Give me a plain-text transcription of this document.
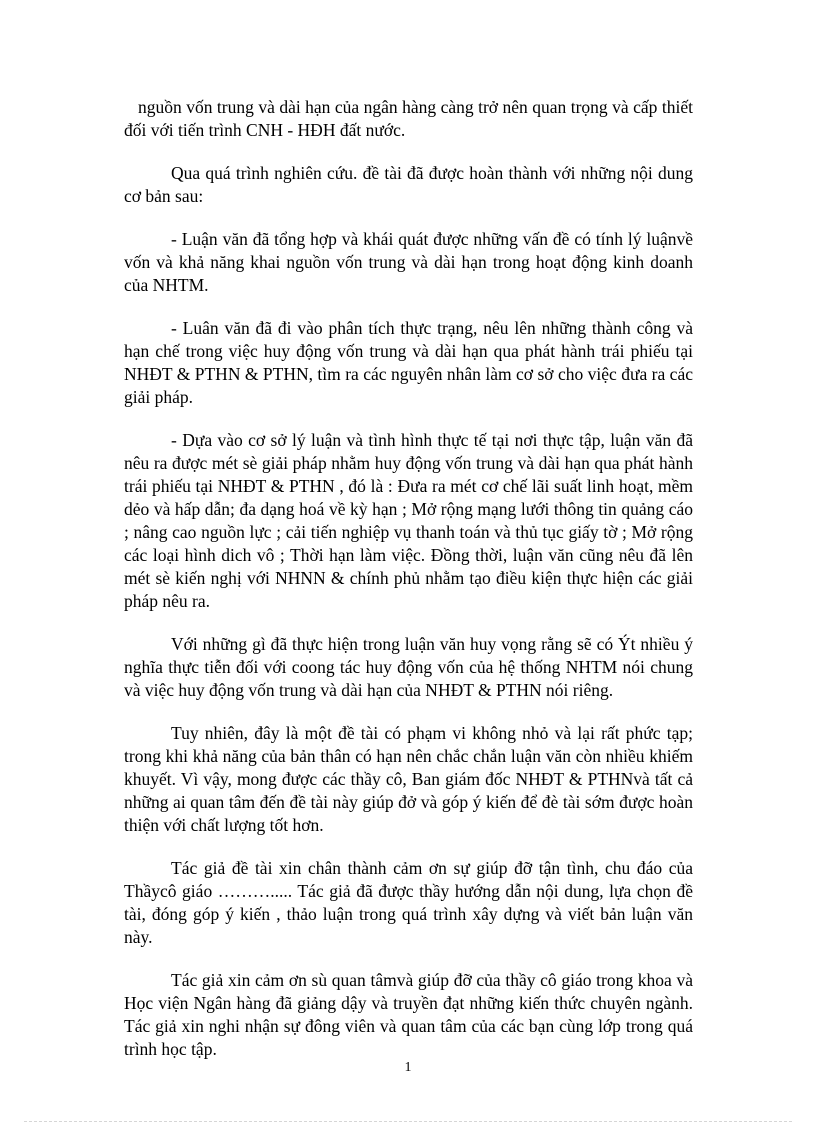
nguồn vốn trung và dài hạn của ngân hàng càng trở nên quan trọng và cấp thiết đối với tiến trình CNH - HĐH đất nước.

Qua quá trình nghiên cứu. đề tài đã được hoàn thành với những nội dung cơ bản sau:

- Luận văn đã tổng hợp và khái quát được những vấn đề có tính lý luậnvề vốn và khả năng khai nguồn vốn trung và dài hạn trong hoạt động kinh doanh của NHTM.

- Luân văn đã đi vào phân tích thực trạng, nêu lên những thành công và hạn chế trong việc huy động vốn trung và dài hạn qua phát hành trái phiếu tại NHĐT & PTHN & PTHN, tìm ra các nguyên nhân làm cơ sở cho việc đưa ra các giải pháp.

- Dựa vào cơ sở lý luận và tình hình thực tế tại nơi thực tập, luận văn đã nêu ra được mét sè giải pháp nhằm huy động vốn trung và dài hạn qua phát hành trái phiếu tại NHĐT & PTHN , đó là : Đưa ra mét cơ chế lãi suất linh hoạt, mềm dẻo và hấp dẫn; đa dạng hoá về kỳ hạn ; Mở rộng mạng lưới thông tin quảng cáo ; nâng cao nguồn lực ; cải tiến nghiệp vụ thanh toán và thủ tục giấy tờ ; Mở rộng các loại hình dich vô ; Thời hạn làm việc. Đồng thời, luận văn cũng nêu đã lên mét sè kiến nghị với NHNN & chính phủ nhằm tạo điều kiện thực hiện các giải pháp nêu ra.

Với những gì đã thực hiện trong luận văn huy vọng rằng sẽ có Ýt nhiều ý nghĩa thực tiễn đối với coong tác huy động vốn của hệ thống NHTM nói chung và việc huy động vốn trung và dài hạn của NHĐT & PTHN nói riêng.

Tuy nhiên, đây là một đề tài có phạm vi không nhỏ và lại rất phức tạp; trong khi khả năng của bản thân có hạn nên chắc chắn luận văn còn nhiều khiếm khuyết. Vì vậy, mong được các thầy cô, Ban giám đốc NHĐT & PTHNvà tất cả những ai quan tâm đến đề tài này giúp đở và góp ý kiến để đè tài sớm được hoàn thiện với chất lượng tốt hơn.

Tác giả đề tài xin chân thành cảm ơn sự giúp đỡ tận tình, chu đáo của Thầycô giáo ………..... Tác giả đã được thầy hướng dẫn nội dung, lựa chọn đề tài, đóng góp ý kiến , thảo luận trong quá trình xây dựng và viết bản luận văn này.

Tác giả xin cảm ơn sù quan tâmvà giúp đỡ của thầy cô giáo trong khoa và Học viện Ngân hàng đã giảng dậy và truyền đạt những kiến thức chuyên ngành. Tác giả xin nghi nhận sự đông viên và quan tâm của các bạn cùng lớp trong quá trình học tập.

1
